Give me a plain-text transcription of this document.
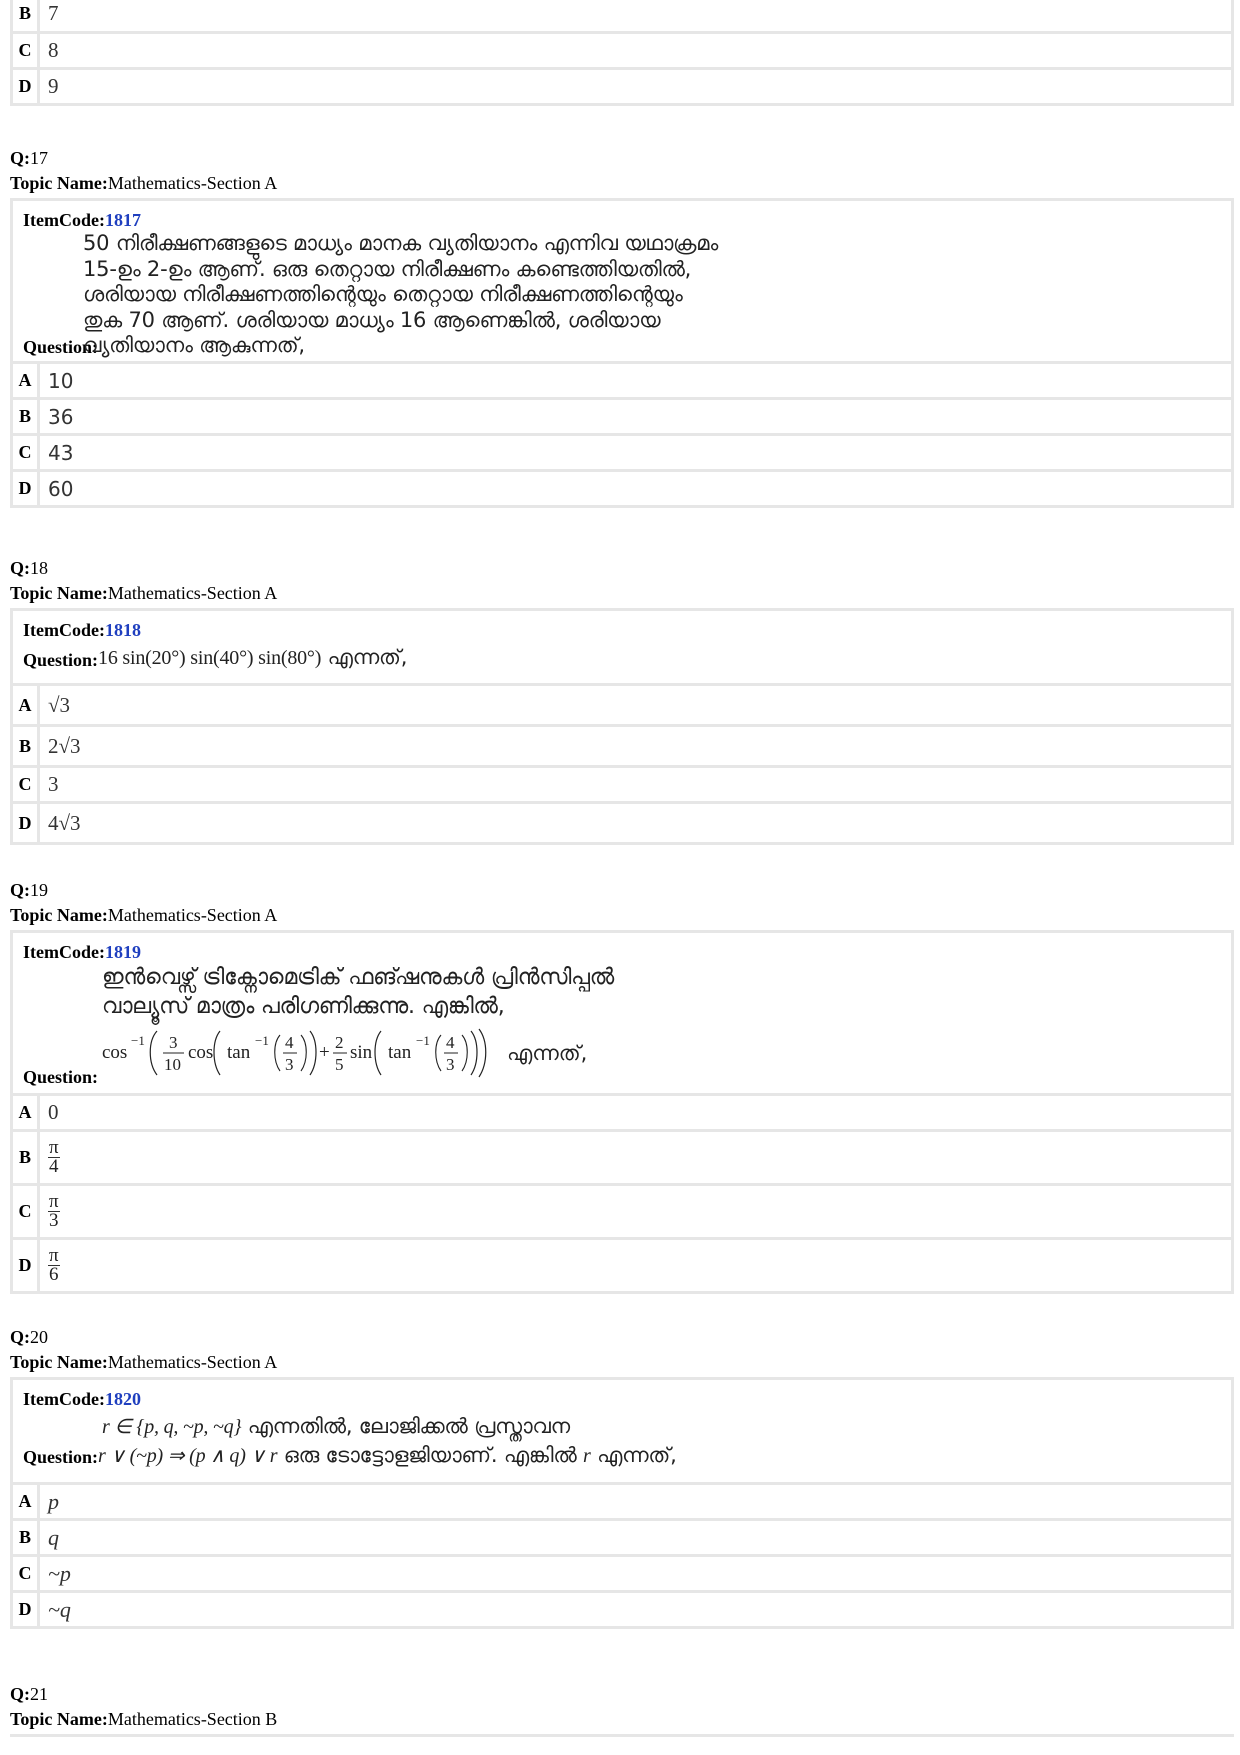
B 7
C 8
D 9
Q:17
Topic Name:Mathematics-Section A
ItemCode:1817
Question:
50 നിരീക്ഷണങ്ങളുടെ മാധ്യം മാനക വ്യതിയാനം എന്നിവ യഥാക്രമം
15-ഉം 2-ഉം ആണ്. ഒരു തെറ്റായ നിരീക്ഷണം കണ്ടെത്തിയതിൽ,
ശരിയായ നിരീക്ഷണത്തിന്റെയും തെറ്റായ നിരീക്ഷണത്തിന്റെയും
തുക 70 ആണ്. ശരിയായ മാധ്യം 16 ആണെങ്കിൽ, ശരിയായ
വ്യതിയാനം ആകുന്നത്,
A 10
B 36
C 43
D 60
Q:18
Topic Name:Mathematics-Section A
ItemCode:1818
Question: 16 sin(20°) sin(40°) sin(80°) എന്നത്,
A √3
B 2√3
C 3
D 4√3
Q:19
Topic Name:Mathematics-Section A
ItemCode:1819
ഇൻവെഴ്സ് ട്രിക്നോമെട്രിക് ഫങ്ഷനുകൾ പ്രിൻസിപ്പൽ
വാല്യൂസ് മാത്രം പരിഗണിക്കുന്നു. എങ്കിൽ,
Question:
cos
−1 3
10
cos tan
−1 4
3
+ 2
5
sin tan
−1 4
3	എന്നത്,
A 0
B $\frac{\pi}{4}$
C $\frac{\pi}{3}$
D $\frac{\pi}{6}$
Q:20
Topic Name:Mathematics-Section A
ItemCode:1820
r ∈ {p, q, ~p, ~q} എന്നതിൽ, ലോജിക്കൽ പ്രസ്താവന
Question: r ∨ (~p) ⇒ (p ∧ q) ∨ r ഒരു ടോട്ടോളജിയാണ്. എങ്കിൽ r എന്നത്,
A p
B q
C ~p
D ~q
Q:21
Topic Name:Mathematics-Section B
